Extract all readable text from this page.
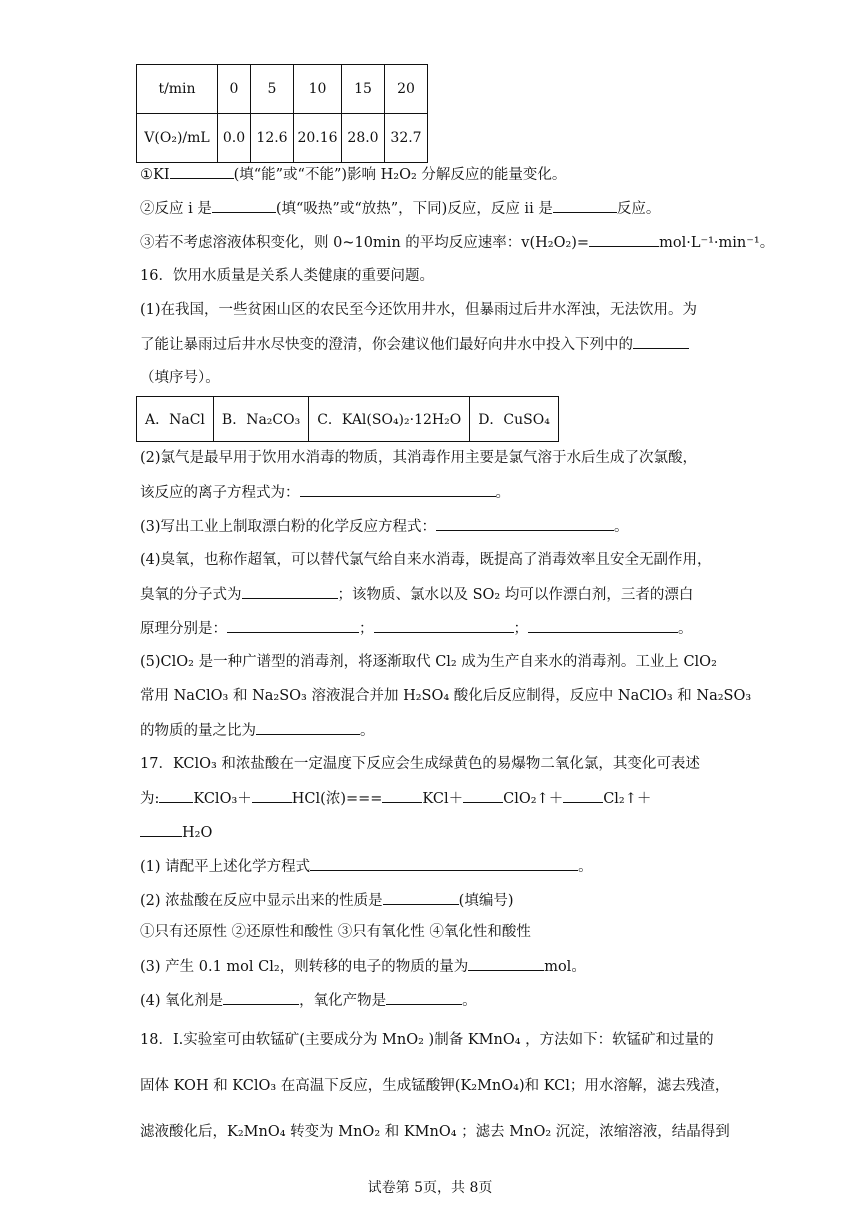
t/min	0	5	10	15	20
V(O₂)/mL	0.0	12.6	20.16	28.0	32.7
①KI	(填“能”或“不能”)影响 H₂O₂ 分解反应的能量变化。
②反应 i 是	(填“吸热”或“放热”，下同)反应，反应 ii 是	反应。
③若不考虑溶液体积变化，则 0~10min 的平均反应速率：v(H₂O₂)=	mol·L⁻¹·min⁻¹。
16．饮用水质量是关系人类健康的重要问题。
(1)在我国，一些贫困山区的农民至今还饮用井水，但暴雨过后井水浑浊，无法饮用。为
了能让暴雨过后井水尽快变的澄清，你会建议他们最好向井水中投入下列中的
（填序号）。
A．NaCl	B．Na₂CO₃	C．KAl(SO₄)₂·12H₂O	D．CuSO₄
(2)氯气是最早用于饮用水消毒的物质，其消毒作用主要是氯气溶于水后生成了次氯酸，
该反应的离子方程式为：	。
(3)写出工业上制取漂白粉的化学反应方程式：	。
(4)臭氧，也称作超氧，可以替代氯气给自来水消毒，既提高了消毒效率且安全无副作用，
臭氧的分子式为	；该物质、氯水以及 SO₂ 均可以作漂白剂，三者的漂白
原理分别是：	；	；	。
(5)ClO₂ 是一种广谱型的消毒剂，将逐渐取代 Cl₂ 成为生产自来水的消毒剂。工业上 ClO₂
常用 NaClO₃ 和 Na₂SO₃ 溶液混合并加 H₂SO₄ 酸化后反应制得，反应中 NaClO₃ 和 Na₂SO₃
的物质的量之比为	。
17．KClO₃ 和浓盐酸在一定温度下反应会生成绿黄色的易爆物二氧化氯，其变化可表述
为: KClO₃＋	HCl(浓)===	KCl＋	ClO₂↑＋	Cl₂↑＋
H₂O
(1) 请配平上述化学方程式	。
(2) 浓盐酸在反应中显示出来的性质是	(填编号)
①只有还原性 ②还原性和酸性 ③只有氧化性 ④氧化性和酸性
(3) 产生 0.1 mol Cl₂，则转移的电子的物质的量为	mol。
(4) 氧化剂是	，氧化产物是	。
18．I.实验室可由软锰矿(主要成分为 MnO₂ )制备 KMnO₄ ，方法如下：软锰矿和过量的
固体 KOH 和 KClO₃ 在高温下反应，生成锰酸钾(K₂MnO₄)和 KCl；用水溶解，滤去残渣，
滤液酸化后，K₂MnO₄ 转变为 MnO₂ 和 KMnO₄ ；滤去 MnO₂ 沉淀，浓缩溶液，结晶得到
试卷第 5页，共 8页
